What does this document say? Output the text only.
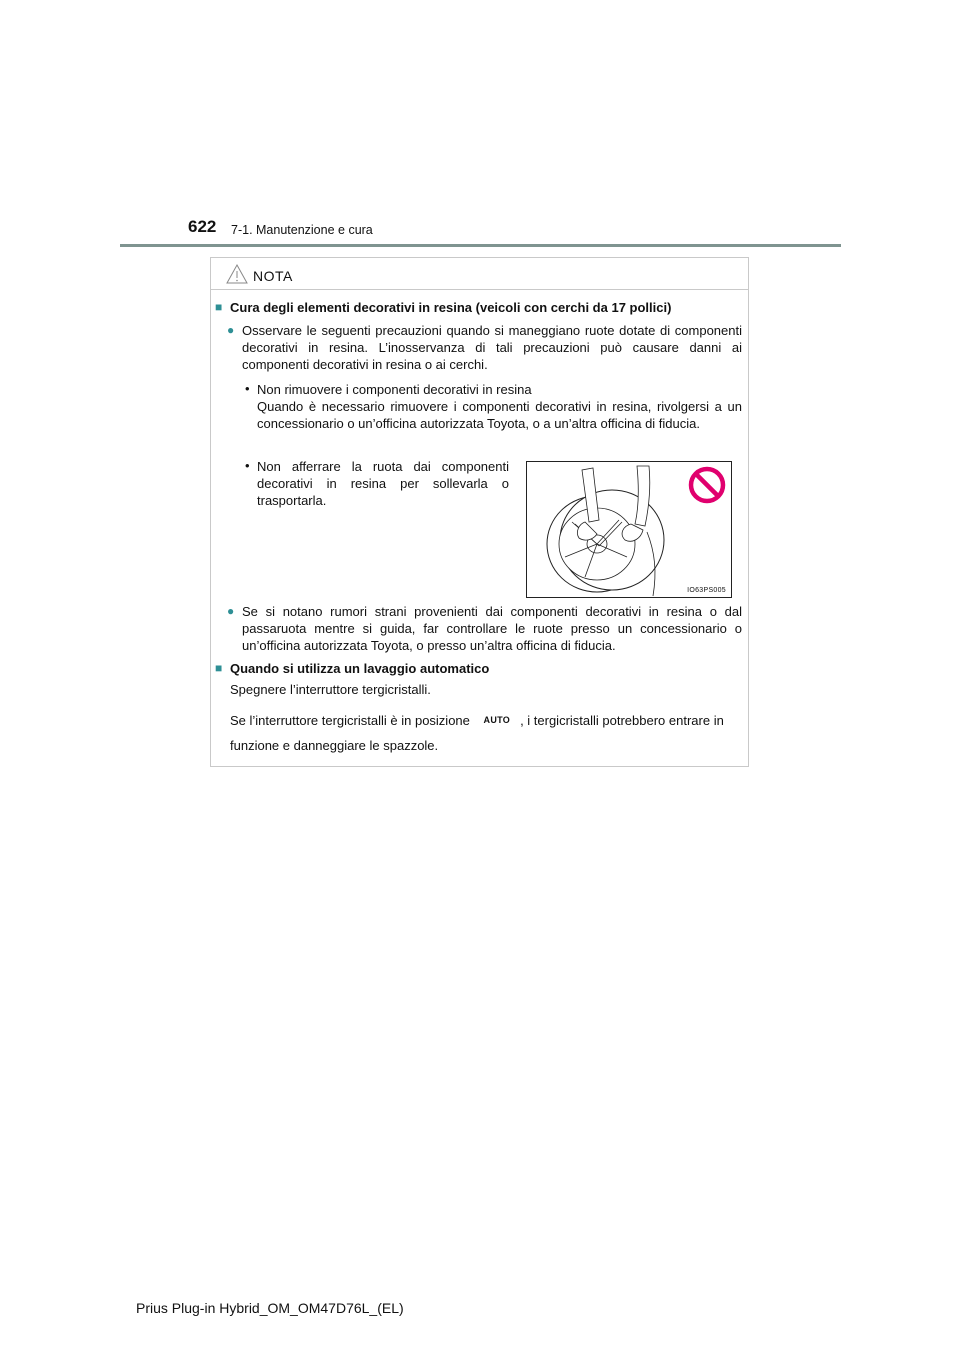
622 7-1. Manutenzione e cura
NOTA
■ Cura degli elementi decorativi in resina (veicoli con cerchi da 17 pollici)
● Osservare le seguenti precauzioni quando si maneggiano ruote dotate di componenti decorativi in resina. L’inosservanza di tali precauzioni può causare danni ai componenti decorativi in resina o ai cerchi.
• Non rimuovere i componenti decorativi in resina
Quando è necessario rimuovere i componenti decorativi in resina, rivolgersi a un concessionario o un’officina autorizzata Toyota, o a un’altra officina di fiducia.
• Non afferrare la ruota dai componenti decorativi in resina per sollevarla o trasportarla.
IO63PS005
● Se si notano rumori strani provenienti dai componenti decorativi in resina o dal passaruota mentre si guida, far controllare le ruote presso un concessionario o un’officina autorizzata Toyota, o presso un’altra officina di fiducia.
■ Quando si utilizza un lavaggio automatico
Spegnere l’interruttore tergicristalli.
Se l’interruttore tergicristalli è in posizione AUTO , i tergicristalli potrebbero entrare in
funzione e danneggiare le spazzole.
Prius Plug-in Hybrid_OM_OM47D76L_(EL)
